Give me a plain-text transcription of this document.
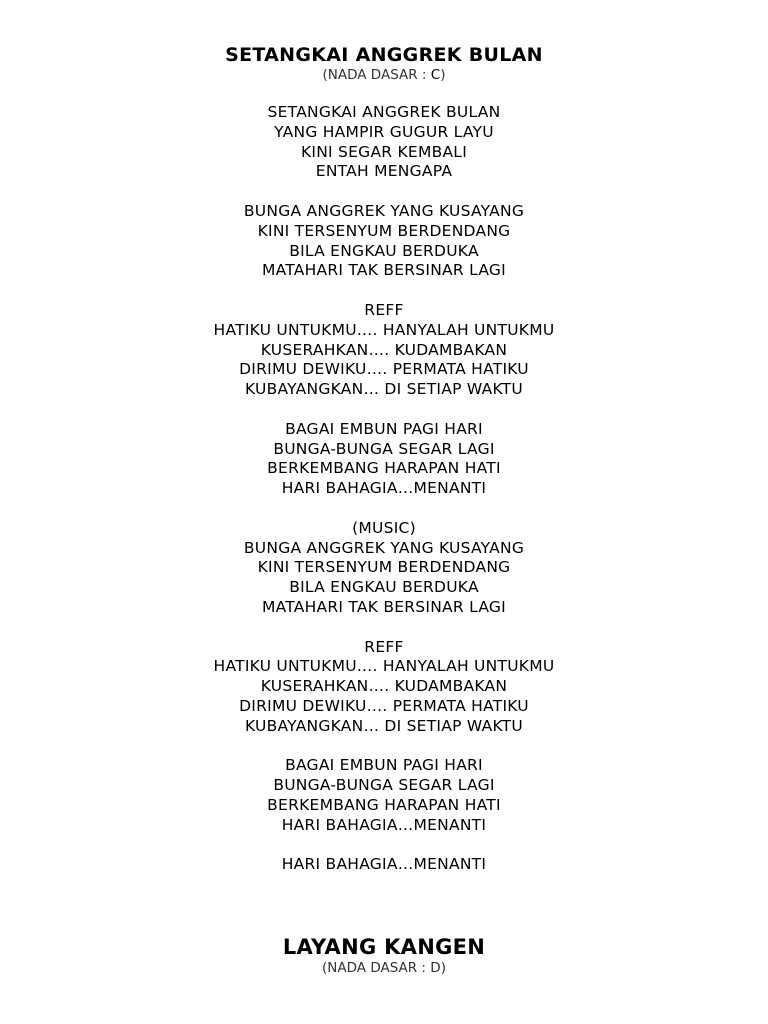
SETANGKAI ANGGREK BULAN
(NADA DASAR : C)
SETANGKAI ANGGREK BULAN
YANG HAMPIR GUGUR LAYU
KINI SEGAR KEMBALI
ENTAH MENGAPA
BUNGA ANGGREK YANG KUSAYANG
KINI TERSENYUM BERDENDANG
BILA ENGKAU BERDUKA
MATAHARI TAK BERSINAR LAGI
REFF
HATIKU UNTUKMU…. HANYALAH UNTUKMU
KUSERAHKAN…. KUDAMBAKAN
DIRIMU DEWIKU…. PERMATA HATIKU
KUBAYANGKAN… DI SETIAP WAKTU
BAGAI EMBUN PAGI HARI
BUNGA-BUNGA SEGAR LAGI
BERKEMBANG HARAPAN HATI
HARI BAHAGIA…MENANTI
(MUSIC)
BUNGA ANGGREK YANG KUSAYANG
KINI TERSENYUM BERDENDANG
BILA ENGKAU BERDUKA
MATAHARI TAK BERSINAR LAGI
REFF
HATIKU UNTUKMU…. HANYALAH UNTUKMU
KUSERAHKAN…. KUDAMBAKAN
DIRIMU DEWIKU…. PERMATA HATIKU
KUBAYANGKAN… DI SETIAP WAKTU
BAGAI EMBUN PAGI HARI
BUNGA-BUNGA SEGAR LAGI
BERKEMBANG HARAPAN HATI
HARI BAHAGIA…MENANTI
HARI BAHAGIA…MENANTI
LAYANG KANGEN
(NADA DASAR : D)
